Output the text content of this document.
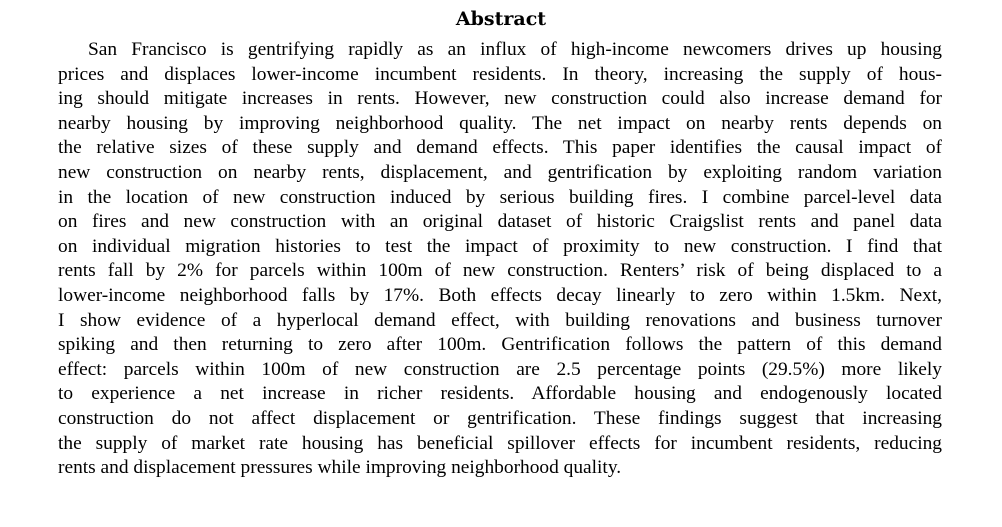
Abstract
San Francisco is gentrifying rapidly as an influx of high-income newcomers drives up housing
prices and displaces lower-income incumbent residents. In theory, increasing the supply of hous-
ing should mitigate increases in rents. However, new construction could also increase demand for
nearby housing by improving neighborhood quality. The net impact on nearby rents depends on
the relative sizes of these supply and demand effects. This paper identifies the causal impact of
new construction on nearby rents, displacement, and gentrification by exploiting random variation
in the location of new construction induced by serious building fires. I combine parcel-level data
on fires and new construction with an original dataset of historic Craigslist rents and panel data
on individual migration histories to test the impact of proximity to new construction. I find that
rents fall by 2% for parcels within 100m of new construction. Renters’ risk of being displaced to a
lower-income neighborhood falls by 17%. Both effects decay linearly to zero within 1.5km. Next,
I show evidence of a hyperlocal demand effect, with building renovations and business turnover
spiking and then returning to zero after 100m. Gentrification follows the pattern of this demand
effect: parcels within 100m of new construction are 2.5 percentage points (29.5%) more likely
to experience a net increase in richer residents. Affordable housing and endogenously located
construction do not affect displacement or gentrification. These findings suggest that increasing
the supply of market rate housing has beneficial spillover effects for incumbent residents, reducing
rents and displacement pressures while improving neighborhood quality.
